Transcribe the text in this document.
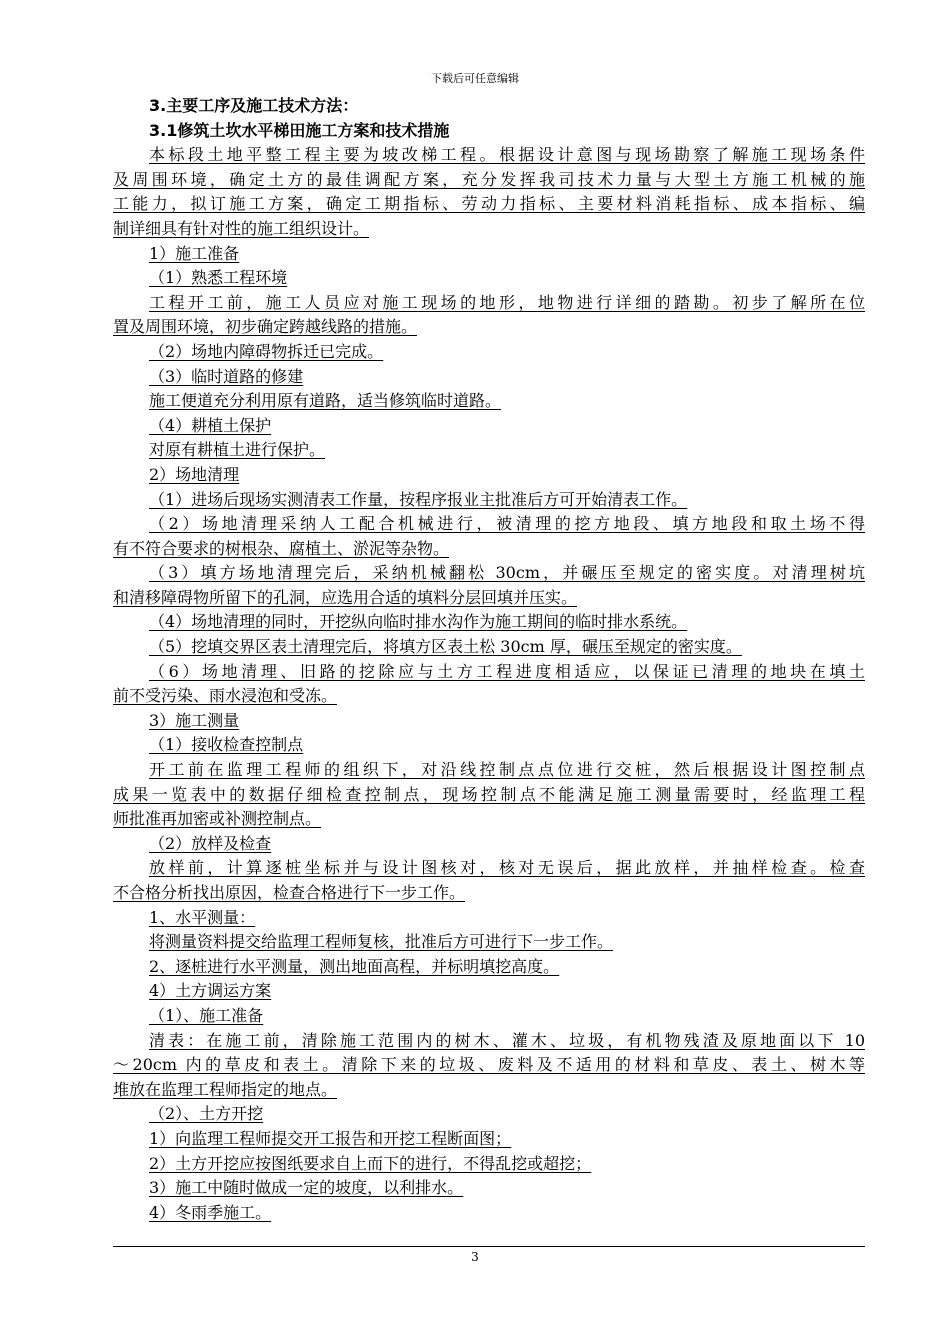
下载后可任意编辑
3.主要工序及施工技术方法：
3.1修筑土坎水平梯田施工方案和技术措施
本标段土地平整工程主要为坡改梯工程。根据设计意图与现场勘察了解施工现场条件
及周围环境，确定土方的最佳调配方案，充分发挥我司技术力量与大型土方施工机械的施
工能力，拟订施工方案，确定工期指标、劳动力指标、主要材料消耗指标、成本指标、编
制详细具有针对性的施工组织设计。
1）施工准备
（1）熟悉工程环境
工程开工前，施工人员应对施工现场的地形，地物进行详细的踏勘。初步了解所在位
置及周围环境，初步确定跨越线路的措施。
（2）场地内障碍物拆迁已完成。
（3）临时道路的修建
施工便道充分利用原有道路，适当修筑临时道路。
（4）耕植土保护
对原有耕植土进行保护。
2）场地清理
（1）进场后现场实测清表工作量，按程序报业主批准后方可开始清表工作。
（2）场地清理采纳人工配合机械进行，被清理的挖方地段、填方地段和取土场不得
有不符合要求的树根杂、腐植土、淤泥等杂物。
（3）填方场地清理完后，采纳机械翻松 30cm，并碾压至规定的密实度。对清理树坑
和清移障碍物所留下的孔洞，应选用合适的填料分层回填并压实。
（4）场地清理的同时，开挖纵向临时排水沟作为施工期间的临时排水系统。
（5）挖填交界区表土清理完后，将填方区表土松 30cm 厚，碾压至规定的密实度。
（6）场地清理、旧路的挖除应与土方工程进度相适应，以保证已清理的地块在填土
前不受污染、雨水浸泡和受冻。
3）施工测量
（1）接收检查控制点
开工前在监理工程师的组织下，对沿线控制点点位进行交桩，然后根据设计图控制点
成果一览表中的数据仔细检查控制点，现场控制点不能满足施工测量需要时，经监理工程
师批准再加密或补测控制点。
（2）放样及检查
放样前，计算逐桩坐标并与设计图核对，核对无误后，据此放样，并抽样检查。检查
不合格分析找出原因，检查合格进行下一步工作。
1、水平测量：
将测量资料提交给监理工程师复核，批准后方可进行下一步工作。
2、逐桩进行水平测量，测出地面高程，并标明填挖高度。
4）土方调运方案
（1）、施工准备
清表：在施工前，清除施工范围内的树木、灌木、垃圾，有机物残渣及原地面以下 10
～20cm 内的草皮和表土。清除下来的垃圾、废料及不适用的材料和草皮、表土、树木等
堆放在监理工程师指定的地点。
（2）、土方开挖
1）向监理工程师提交开工报告和开挖工程断面图；
2）土方开挖应按图纸要求自上而下的进行，不得乱挖或超挖；
3）施工中随时做成一定的坡度，以利排水。
4）冬雨季施工。
3
